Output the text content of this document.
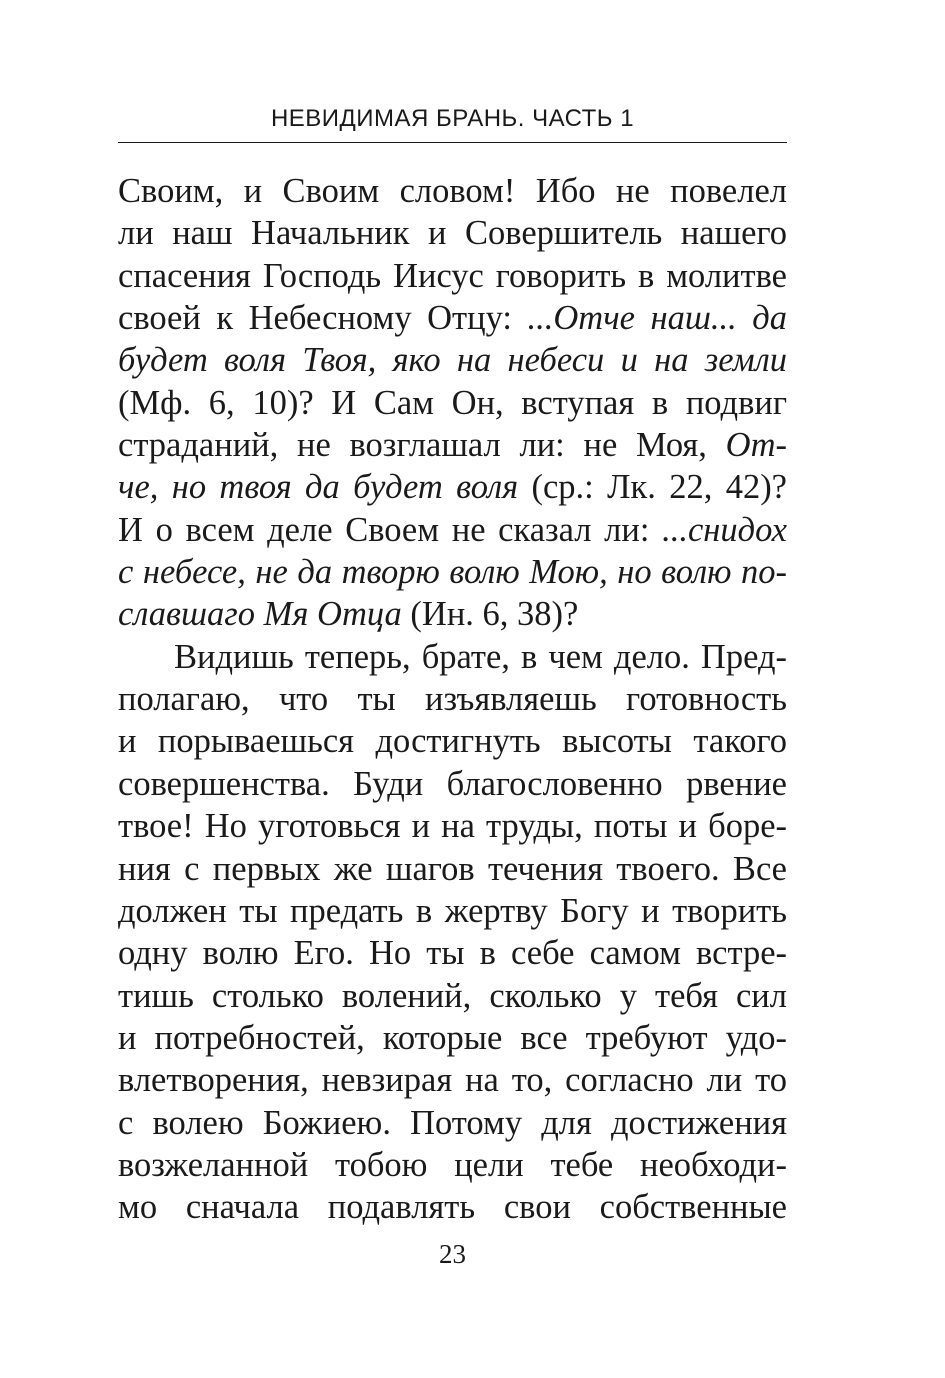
НЕВИДИМАЯ БРАНЬ. ЧАСТЬ 1
Своим, и Своим словом! Ибо не повелел
ли наш Начальник и Совершитель нашего
спасения Господь Иисус говорить в молитве
своей к Небесному Отцу: ...Отче наш... да
будет воля Твоя, яко на небеси и на земли
(Мф. 6, 10)? И Сам Он, вступая в подвиг
страданий, не возглашал ли: не Моя, От-
че, но твоя да будет воля (ср.: Лк. 22, 42)?
И о всем деле Своем не сказал ли: ...снидох
с небесе, не да творю волю Мою, но волю по-
славшаго Мя Отца (Ин. 6, 38)?
Видишь теперь, брате, в чем дело. Пред-
полагаю, что ты изъявляешь готовность
и порываешься достигнуть высоты такого
совершенства. Буди благословенно рвение
твое! Но уготовься и на труды, поты и боре-
ния с первых же шагов течения твоего. Все
должен ты предать в жертву Богу и творить
одну волю Его. Но ты в себе самом встре-
тишь столько волений, сколько у тебя сил
и потребностей, которые все требуют удо-
влетворения, невзирая на то, согласно ли то
с волею Божиею. Потому для достижения
возжеланной тобою цели тебе необходи-
мо сначала подавлять свои собственные
23
